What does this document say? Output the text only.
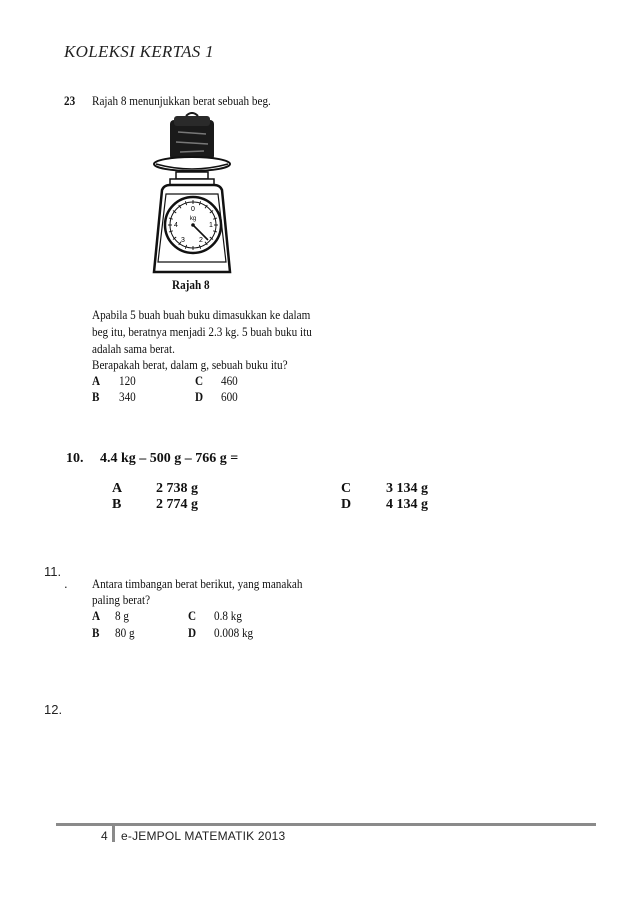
KOLEKSI KERTAS 1
23 Rajah 8 menunjukkan berat sebuah beg.
0
kg
1
2
3
4
Rajah 8
Apabila 5 buah buah buku dimasukkan ke dalam
beg itu, beratnya menjadi 2.3 kg. 5 buah buku itu
adalah sama berat.
Berapakah berat, dalam g, sebuah buku itu?
A 120	C 460
B 340	D 600
10. 4.4 kg – 500 g – 766 g =
A 2 738 g	C 3 134 g
B 2 774 g	D 4 134 g
11.
. Antara timbangan berat berikut, yang manakah
paling berat?
A 8 g	C 0.8 kg
B 80 g	D 0.008 kg
12.
4 e-JEMPOL MATEMATIK 2013
